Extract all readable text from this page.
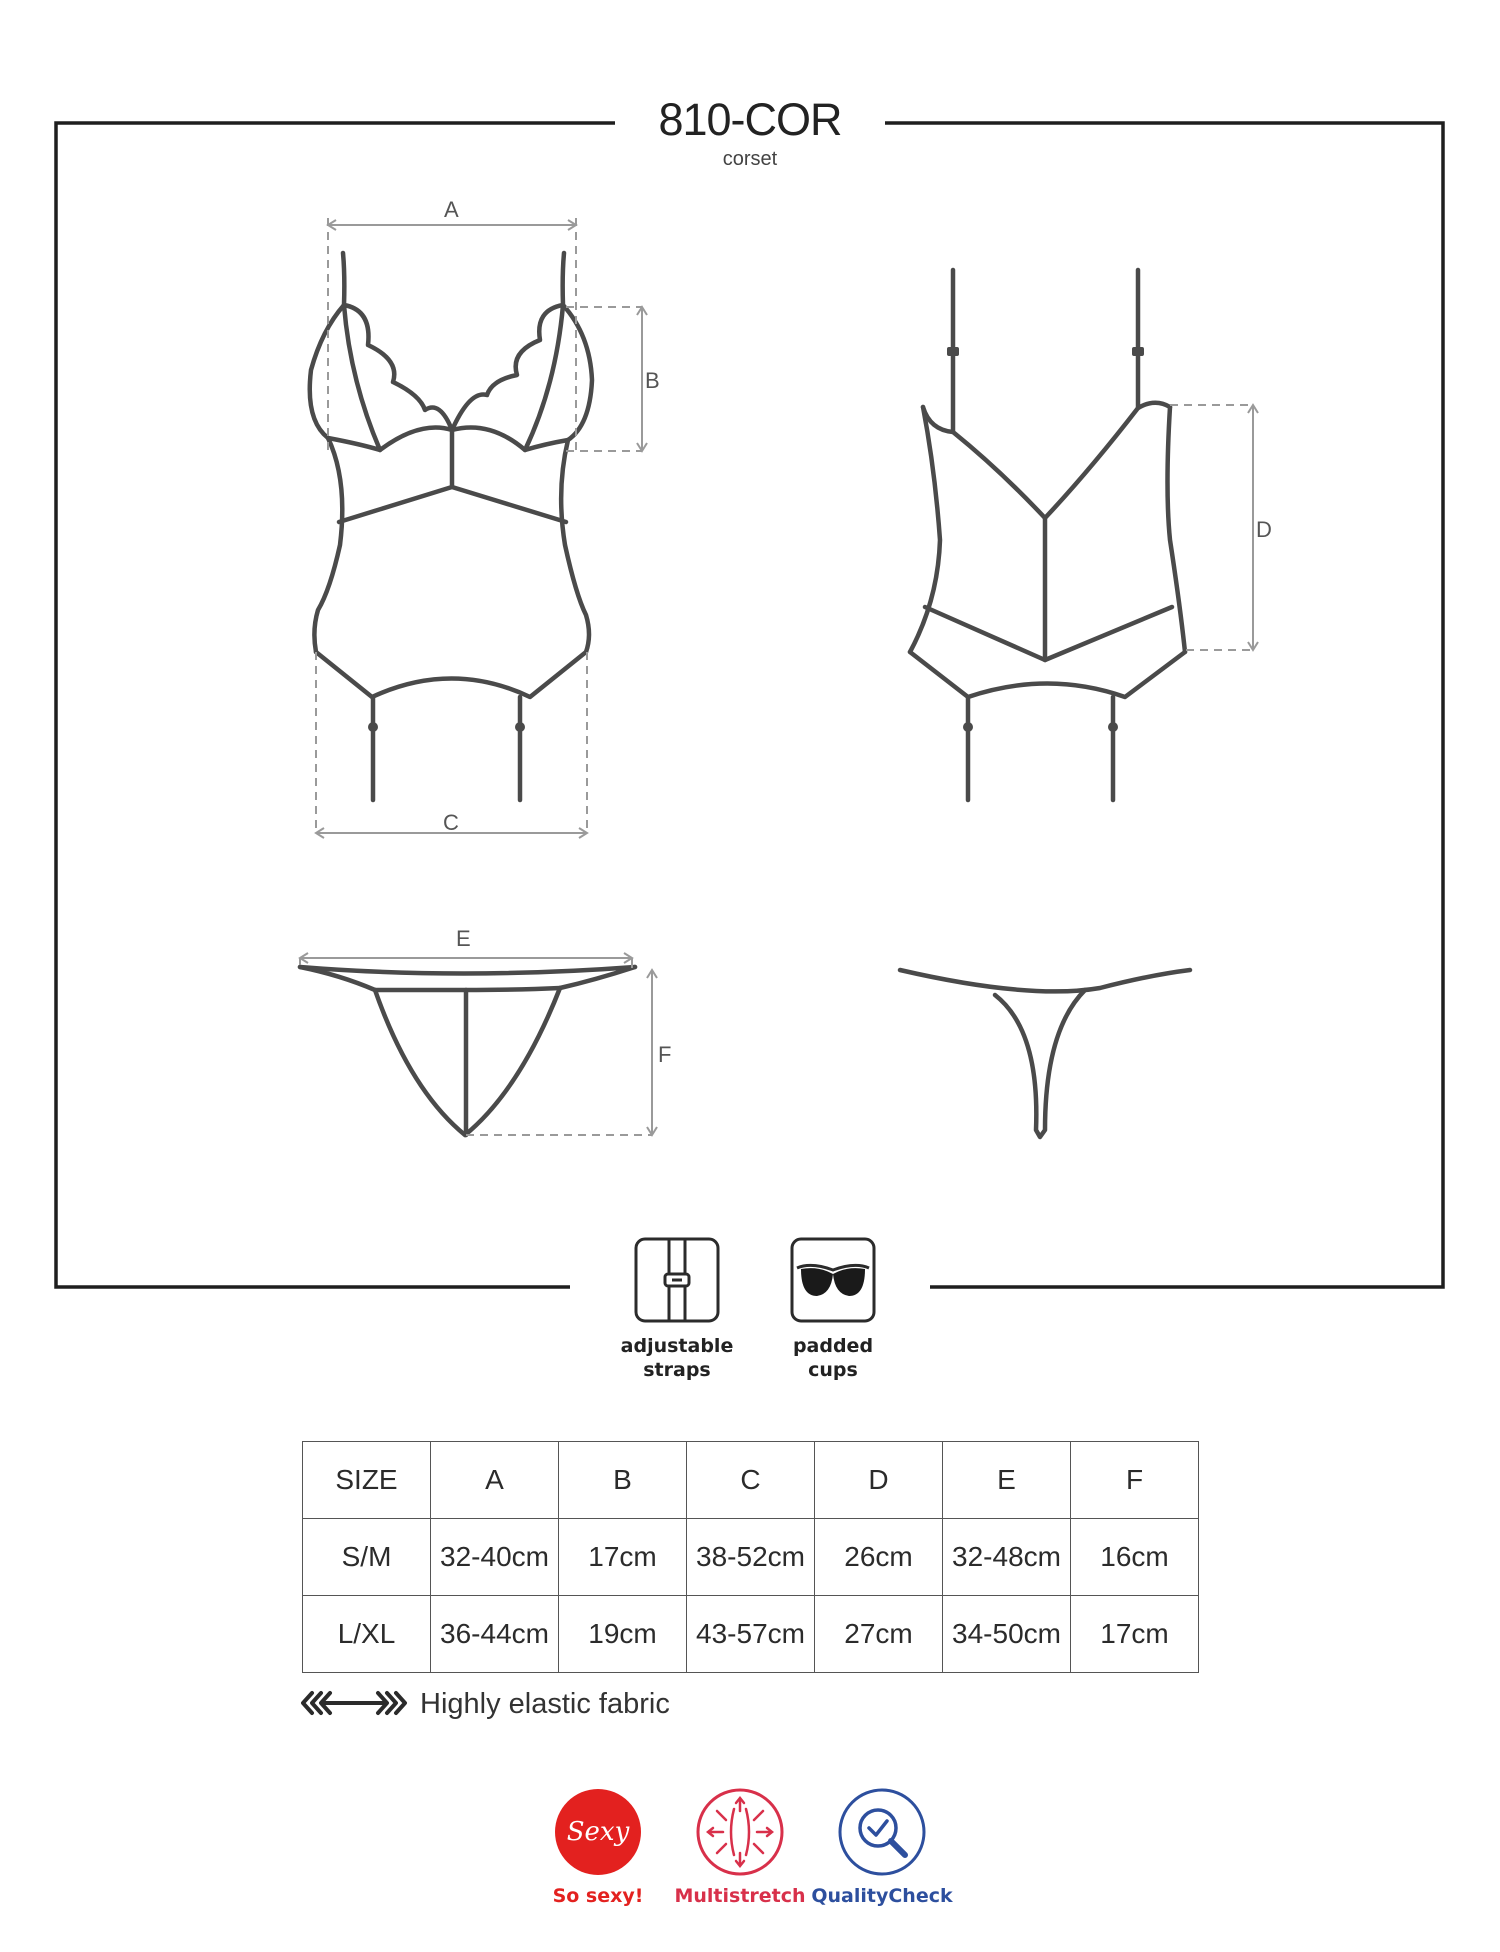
810-COR
corset
A
B
C
D
E
F
adjustable
straps
padded
cups
SIZE	A	B	C	D	E	F
S/M	32-40cm	17cm	38-52cm	26cm	32-48cm	16cm
L/XL	36-44cm	19cm	43-57cm	27cm	34-50cm	17cm
Highly elastic fabric
Sexy
So sexy!	Multistretch QualityCheck
